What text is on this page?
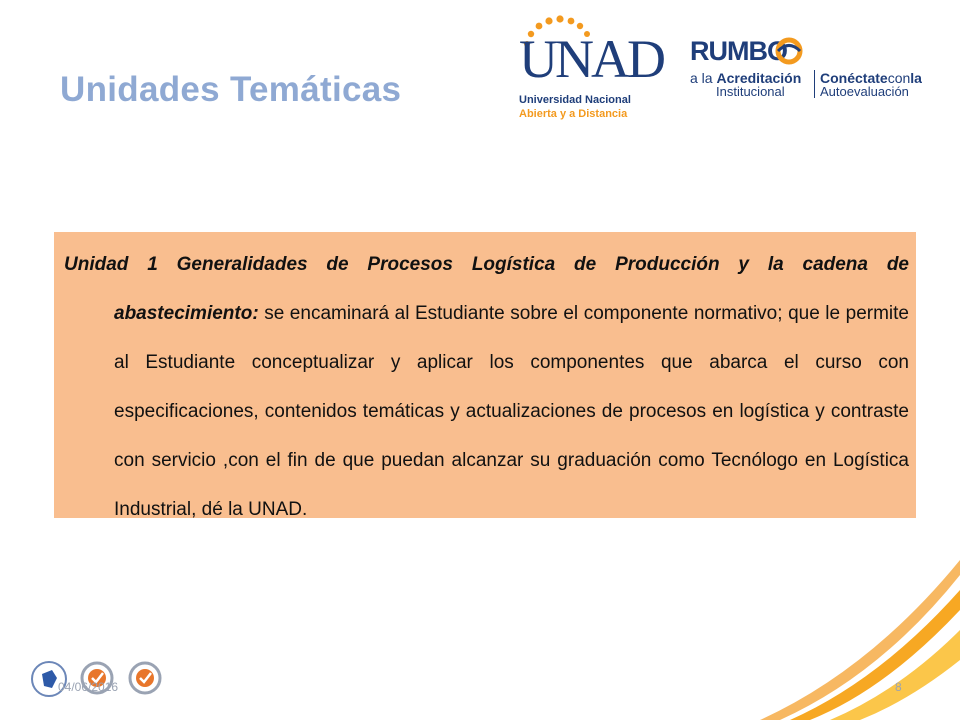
Unidades Temáticas
UNAD
Universidad Nacional
Abierta y a Distancia
RUMBO
a la Acreditación
Institucional
Conéctateconla
Autoevaluación

Unidad 1 Generalidades de Procesos Logística de Producción y la cadena de abastecimiento: se encaminará al Estudiante sobre el componente normativo; que le permite al Estudiante conceptualizar y aplicar los componentes que abarca el curso con especificaciones, contenidos temáticas y actualizaciones de procesos en logística y contraste con servicio ,con el fin de que puedan alcanzar su graduación como Tecnólogo en Logística Industrial, dé la UNAD.

04/06/2016	8
